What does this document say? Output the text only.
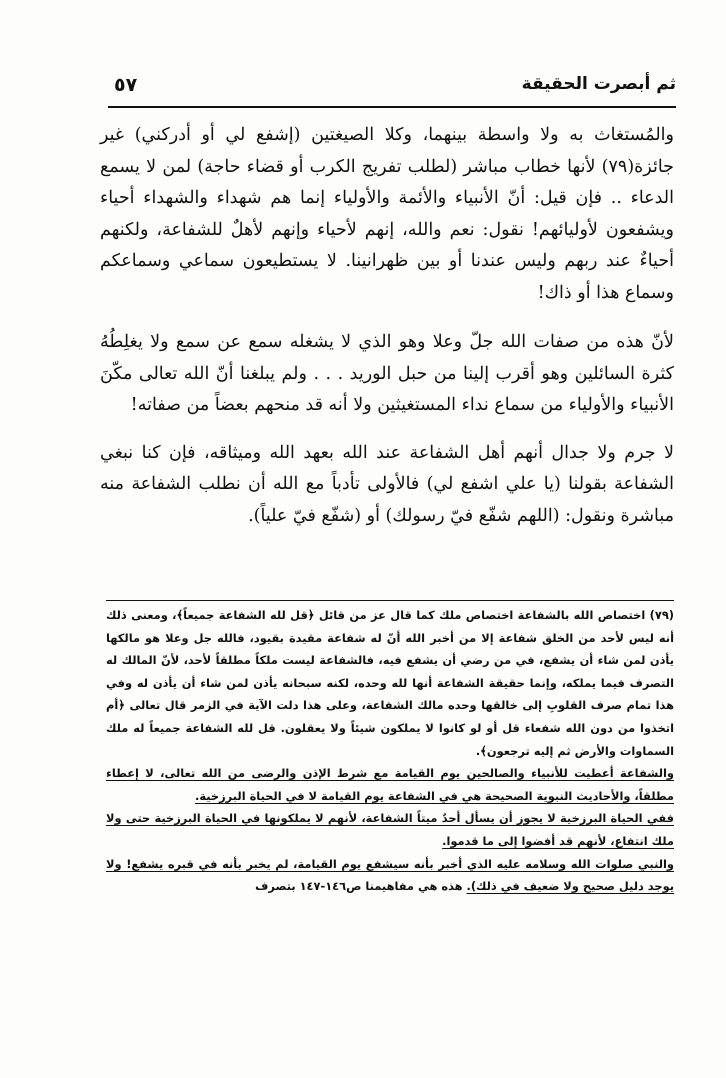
ثم أبصرت الحقيقة
٥٧

والمُستغاث به ولا واسطة بينهما، وكلا الصيغتين (إشفع لي أو أدركني) غير جائزة(٧٩) لأنها خطاب مباشر (لطلب تفريج الكرب أو قضاء حاجة) لمن لا يسمع الدعاء .. فإن قيل: أنّ الأنبياء والأئمة والأولياء إنما هم شهداء والشهداء أحياء ويشفعون لأوليائهم! نقول: نعم والله، إنهم لأحياء وإنهم لأهلٌ للشفاعة، ولكنهم أحياءٌ عند ربهم وليس عندنا أو بين ظهرانينا. لا يستطيعون سماعي وسماعكم وسماع هذا أو ذاك!

لأنّ هذه من صفات الله جلّ وعلا وهو الذي لا يشغله سمع عن سمع ولا يغلِطُهُ كثرة السائلين وهو أقرب إلينا من حبل الوريد . . . ولم يبلغنا أنّ الله تعالى مكّنَ الأنبياء والأولياء من سماع نداء المستغيثين ولا أنه قد منحهم بعضاً من صفاته!

لا جرم ولا جدال أنهم أهل الشفاعة عند الله بعهد الله وميثاقه، فإن كنا نبغي الشفاعة بقولنا (يا علي اشفع لي) فالأولى تأدباً مع الله أن نطلب الشفاعة منه مباشرة ونقول: (اللهم شفّع فيّ رسولك) أو (شفّع فيّ علياً).

(٧٩) اختصاص الله بالشفاعة اختصاص ملك كما قال عز من قائل ﴿قل لله الشفاعة جميعاً﴾، ومعنى ذلك أنه ليس لأحد من الخلق شفاعة إلا من أخبر الله أنّ له شفاعة مقيدة بقيود، فالله جل وعلا هو مالكها يأذن لمن شاء أن يشفع، في من رضي أن يشفع فيه، فالشفاعة ليست ملكاً مطلقاً لأحد، لأنّ المالك له التصرف فيما يملكه، وإنما حقيقة الشفاعة أنها لله وحده، لكنه سبحانه يأذن لمن شاء أن يأذن له وفي هذا تمام صرف القلوبِ إلى خالقها وحده مالك الشفاعة، وعلى هذا دلت الآية في الزمر قال تعالى ﴿أم اتخذوا من دون الله شفعاء قل أو لو كانوا لا يملكون شيئاً ولا يعقلون. قل لله الشفاعة جميعاً له ملك السماوات والأرض ثم إليه ترجعون﴾.

والشفاعة أعطيت للأنبياء والصالحين يوم القيامة مع شرط الإذن والرضى من الله تعالى، لا إعطاء مطلقاً، والأحاديث النبوية الصحيحة هي في الشفاعة يوم القيامة لا في الحياة البرزخية.

ففي الحياة البرزخية لا يجوز أن يسأل أحدٌ ميتاً الشفاعة، لأنهم لا يملكونها في الحياة البرزخية حتى ولا ملك انتفاع، لأنهم قد أفضوا إلى ما قدموا.

والنبي صلوات الله وسلامه عليه الذي أخبر بأنه سيشفع يوم القيامة، لم يخبر بأنه في قبره يشفع! ولا يوجد دليل صحيح ولا ضعيف في ذلك). هذه هي مفاهيمنا ص١٤٦-١٤٧ بتصرف
